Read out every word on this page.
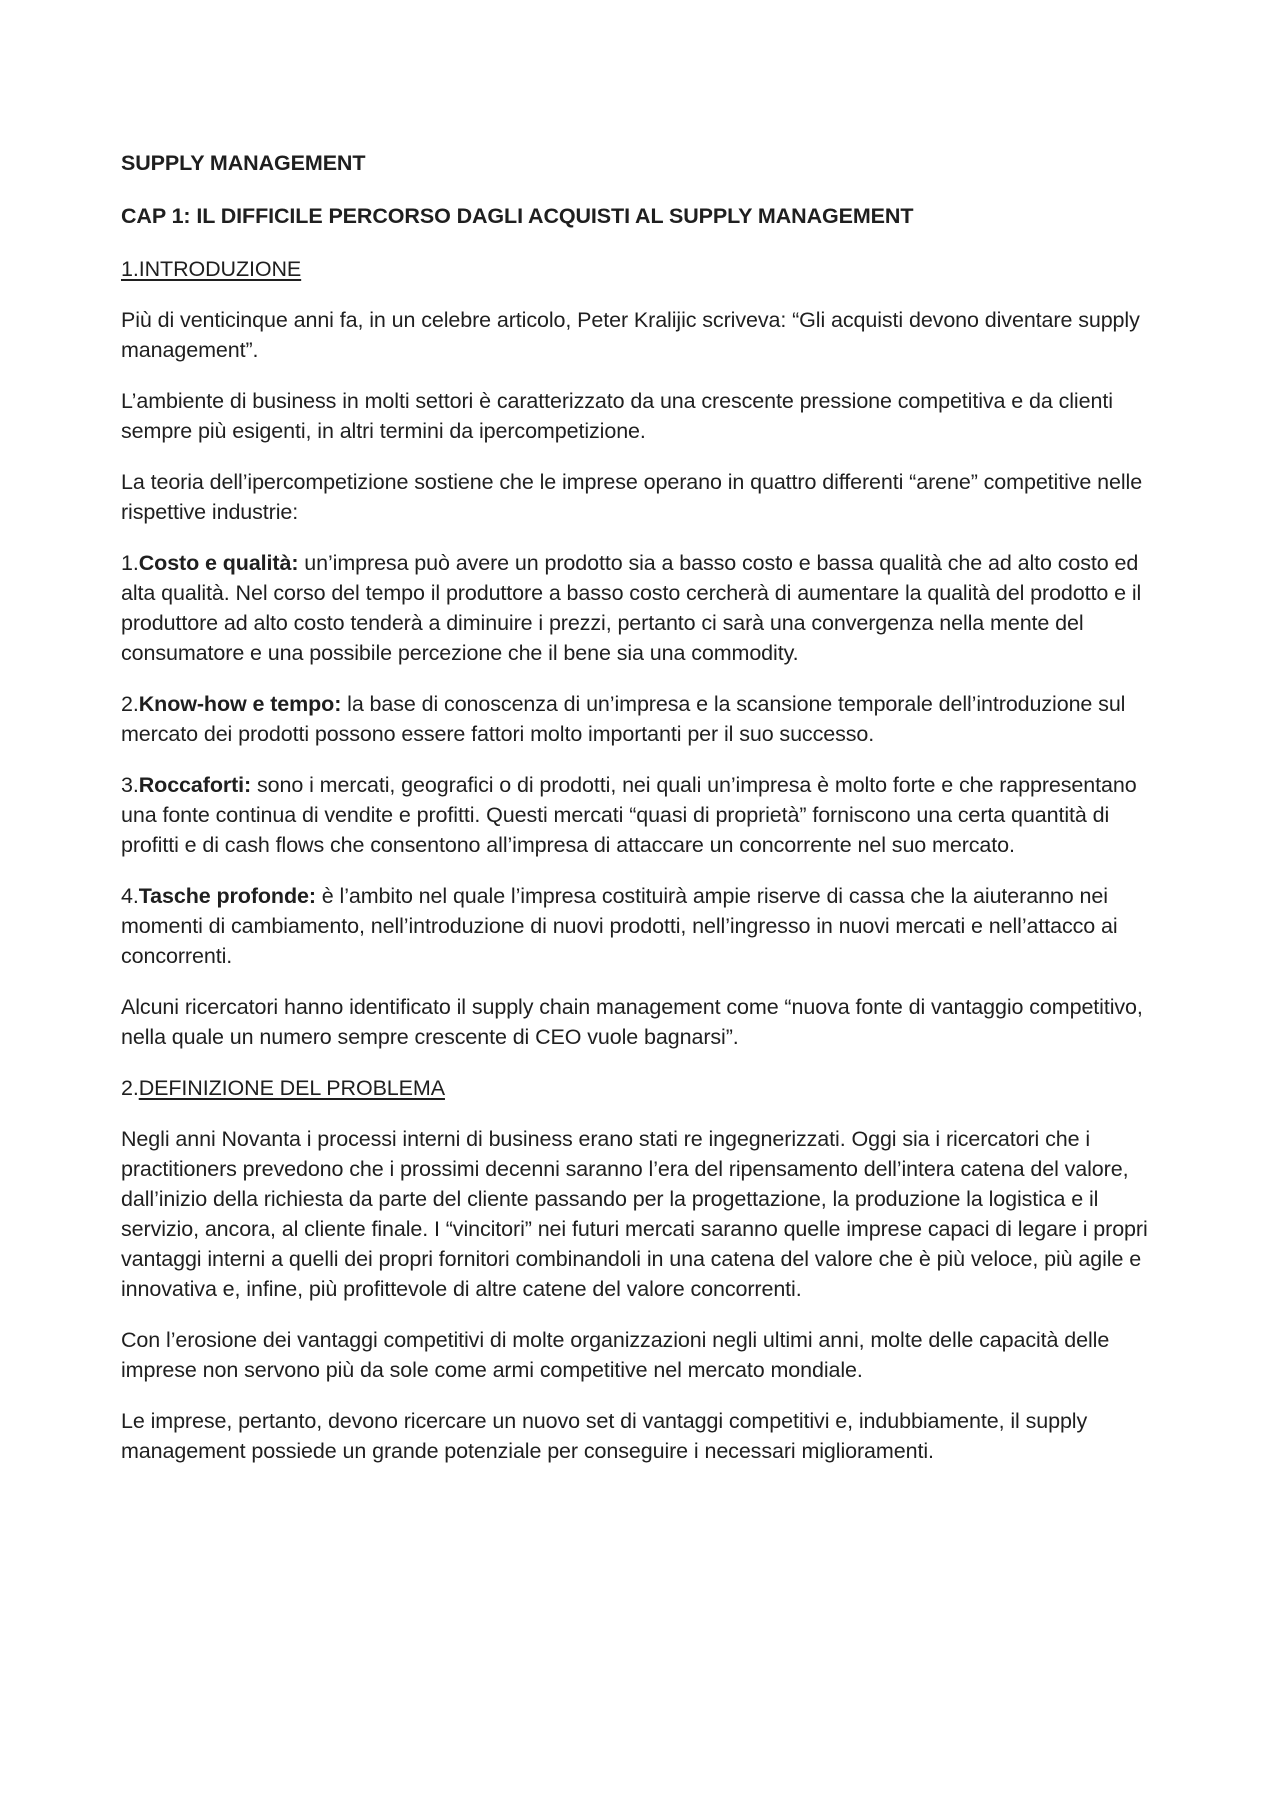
SUPPLY MANAGEMENT
CAP 1: IL DIFFICILE PERCORSO DAGLI ACQUISTI AL SUPPLY MANAGEMENT
1.INTRODUZIONE

Più di venticinque anni fa, in un celebre articolo, Peter Kralijic scriveva: “Gli acquisti devono diventare supply management”.

L’ambiente di business in molti settori è caratterizzato da una crescente pressione competitiva e da clienti sempre più esigenti, in altri termini da ipercompetizione.

La teoria dell’ipercompetizione sostiene che le imprese operano in quattro differenti “arene” competitive nelle rispettive industrie:

1.Costo e qualità: un’impresa può avere un prodotto sia a basso costo e bassa qualità che ad alto costo ed alta qualità. Nel corso del tempo il produttore a basso costo cercherà di aumentare la qualità del prodotto e il produttore ad alto costo tenderà a diminuire i prezzi, pertanto ci sarà una convergenza nella mente del consumatore e una possibile percezione che il bene sia una commodity.

2.Know-how e tempo: la base di conoscenza di un’impresa e la scansione temporale dell’introduzione sul mercato dei prodotti possono essere fattori molto importanti per il suo successo.

3.Roccaforti: sono i mercati, geografici o di prodotti, nei quali un’impresa è molto forte e che rappresentano una fonte continua di vendite e profitti. Questi mercati “quasi di proprietà” forniscono una certa quantità di profitti e di cash flows che consentono all’impresa di attaccare un concorrente nel suo mercato.

4.Tasche profonde: è l’ambito nel quale l’impresa costituirà ampie riserve di cassa che la aiuteranno nei momenti di cambiamento, nell’introduzione di nuovi prodotti, nell’ingresso in nuovi mercati e nell’attacco ai concorrenti.

Alcuni ricercatori hanno identificato il supply chain management come “nuova fonte di vantaggio competitivo, nella quale un numero sempre crescente di CEO vuole bagnarsi”.

2.DEFINIZIONE DEL PROBLEMA

Negli anni Novanta i processi interni di business erano stati re ingegnerizzati. Oggi sia i ricercatori che i practitioners prevedono che i prossimi decenni saranno l’era del ripensamento dell’intera catena del valore, dall’inizio della richiesta da parte del cliente passando per la progettazione, la produzione la logistica e il servizio, ancora, al cliente finale. I “vincitori” nei futuri mercati saranno quelle imprese capaci di legare i propri vantaggi interni a quelli dei propri fornitori combinandoli in una catena del valore che è più veloce, più agile e innovativa e, infine, più profittevole di altre catene del valore concorrenti.

Con l’erosione dei vantaggi competitivi di molte organizzazioni negli ultimi anni, molte delle capacità delle imprese non servono più da sole come armi competitive nel mercato mondiale.

Le imprese, pertanto, devono ricercare un nuovo set di vantaggi competitivi e, indubbiamente, il supply management possiede un grande potenziale per conseguire i necessari miglioramenti.
